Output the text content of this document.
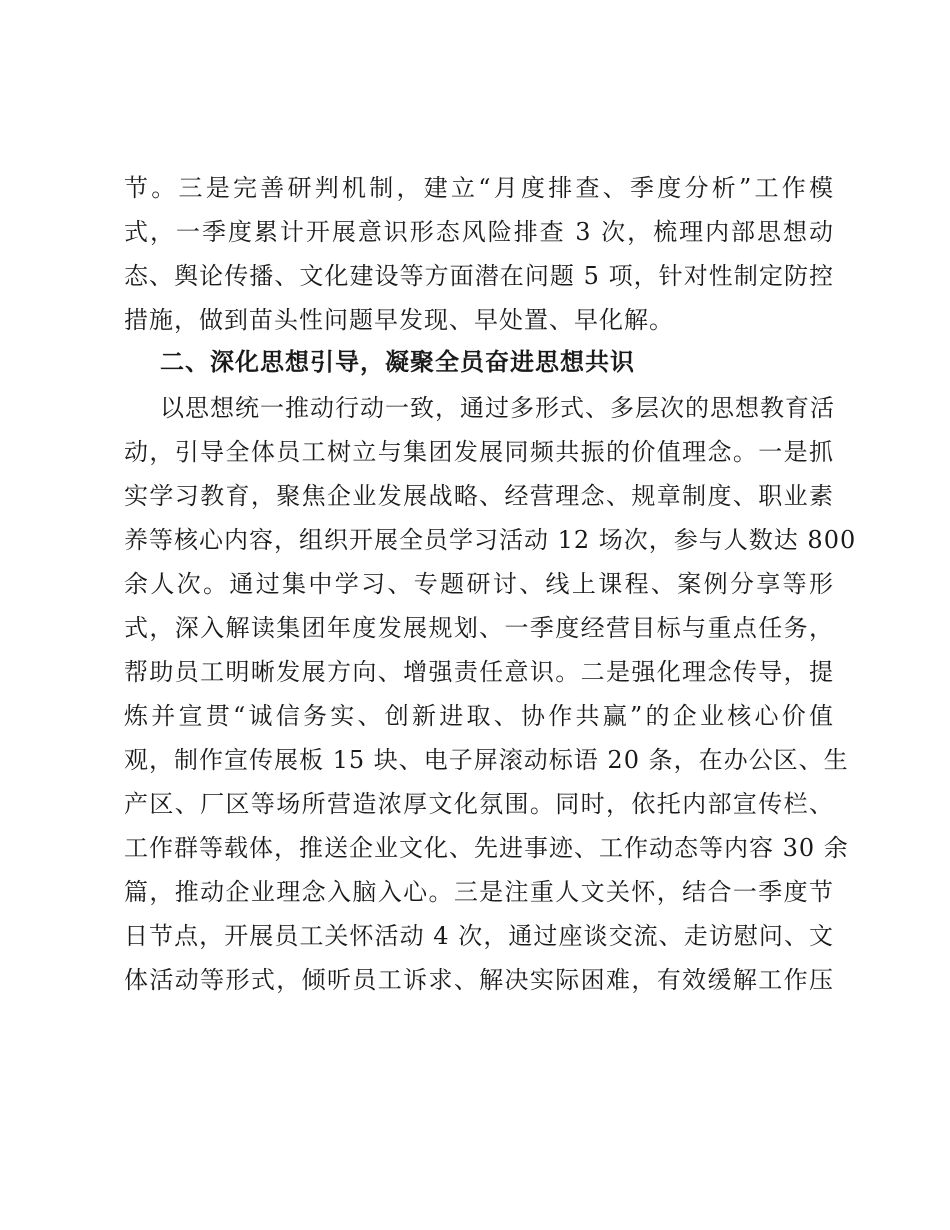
节。三是完善研判机制，建立“月度排查、季度分析”工作模
式，一季度累计开展意识形态风险排查 3 次，梳理内部思想动
态、舆论传播、文化建设等方面潜在问题 5 项，针对性制定防控
措施，做到苗头性问题早发现、早处置、早化解。
二、深化思想引导，凝聚全员奋进思想共识
以思想统一推动行动一致，通过多形式、多层次的思想教育活
动，引导全体员工树立与集团发展同频共振的价值理念。一是抓
实学习教育，聚焦企业发展战略、经营理念、规章制度、职业素
养等核心内容，组织开展全员学习活动 12 场次，参与人数达 800
余人次。通过集中学习、专题研讨、线上课程、案例分享等形
式，深入解读集团年度发展规划、一季度经营目标与重点任务，
帮助员工明晰发展方向、增强责任意识。二是强化理念传导，提
炼并宣贯“诚信务实、创新进取、协作共赢”的企业核心价值
观，制作宣传展板 15 块、电子屏滚动标语 20 条，在办公区、生
产区、厂区等场所营造浓厚文化氛围。同时，依托内部宣传栏、
工作群等载体，推送企业文化、先进事迹、工作动态等内容 30 余
篇，推动企业理念入脑入心。三是注重人文关怀，结合一季度节
日节点，开展员工关怀活动 4 次，通过座谈交流、走访慰问、文
体活动等形式，倾听员工诉求、解决实际困难，有效缓解工作压
